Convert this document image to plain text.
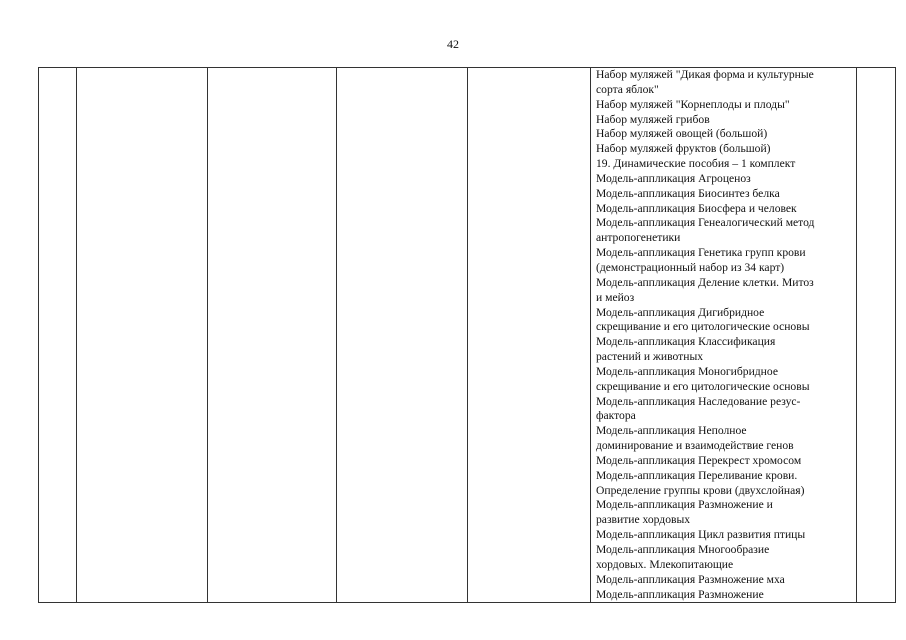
42

Набор муляжей "Дикая форма и культурные
сорта яблок"
Набор муляжей "Корнеплоды и плоды"
Набор муляжей грибов
Набор муляжей овощей (большой)
Набор муляжей фруктов (большой)
19. Динамические пособия – 1 комплект
Модель-аппликация Агроценоз
Модель-аппликация Биосинтез белка
Модель-аппликация Биосфера и человек
Модель-аппликация Генеалогический метод
антропогенетики
Модель-аппликация Генетика групп крови
(демонстрационный набор из 34 карт)
Модель-аппликация Деление клетки. Митоз
и мейоз
Модель-аппликация Дигибридное
скрещивание и его цитологические основы
Модель-аппликация Классификация
растений и животных
Модель-аппликация Моногибридное
скрещивание и его цитологические основы
Модель-аппликация Наследование резус-
фактора
Модель-аппликация Неполное
доминирование и взаимодействие генов
Модель-аппликация Перекрест хромосом
Модель-аппликация Переливание крови.
Определение группы крови (двухслойная)
Модель-аппликация Размножение и
развитие хордовых
Модель-аппликация Цикл развития птицы
Модель-аппликация Многообразие
хордовых. Млекопитающие
Модель-аппликация Размножение мха
Модель-аппликация Размножение
